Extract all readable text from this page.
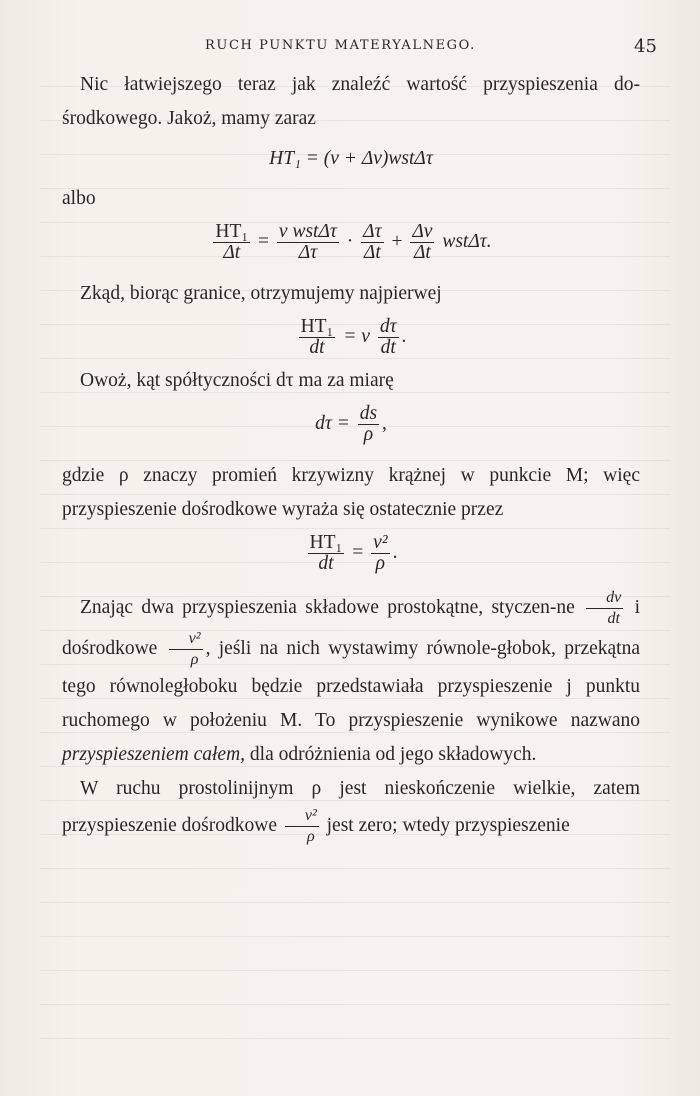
RUCH PUNKTU MATERYALNEGO.	45

Nic łatwiejszego teraz jak znaleźć wartość przyspieszenia do-środkowego. Jakoż, mamy zaraz

HT₁ = (v + Δv)wstΔτ

albo

$\frac{\text{HT₁}}{\Delta t} = \frac{\text{v wstΔτ}}{\Delta\tau} \cdot \frac{\Delta\tau}{\Delta t} + \frac{\Delta v}{\Delta t} wst\Delta\tau$.

Zkąd, biorąc granice, otrzymujemy najpierwej

$\frac{\text{HT₁}}{dt} = v \frac{d\tau}{dt}$ .

Owoż, kąt spółtyczności dτ ma za miarę

$d\tau = \frac{ds}{\rho}$ ,

gdzie ρ znaczy promień krzywizny krążnej w punkcie M; więc przyspieszenie dośrodkowe wyraża się ostatecznie przez

$\frac{\text{HT₁}}{dt} = \frac{\text{v²}}{\rho}$ .

Znając dwa przyspieszenia składowe prostokątne, styczen-ne $\frac{dv}{dt}$ i dośrodkowe $\frac{\text{v²}}{\rho}$ , jeśli na nich wystawimy równole-głobok, przekątna tego równoległoboku będzie przedstawiała przyspieszenie j punktu ruchomego w położeniu M. To przyspieszenie wynikowe nazwano przyspieszeniem całem, dla odróżnienia od jego składowych.

W ruchu prostolinijnym ρ jest nieskończenie wielkie, zatem przyspieszenie dośrodkowe $\frac{\text{v²}}{\rho}$ jest zero; wtedy przyspieszenie
